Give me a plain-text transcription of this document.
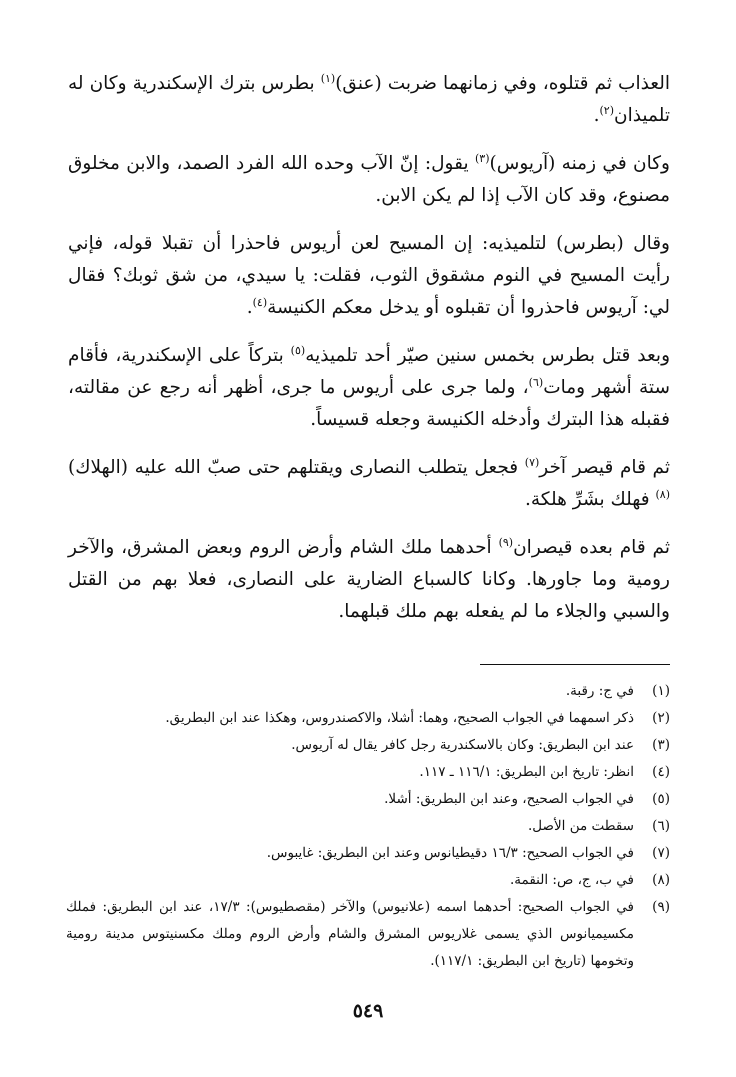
العذاب ثم قتلوه، وفي زمانهما ضربت (عنق)$^{(١)}$ بطرس بترك الإسكندرية وكان له تلميذان$^{(٢)}$.

وكان في زمنه (آريوس)$^{(٣)}$ يقول: إنّ الآب وحده الله الفرد الصمد، والابن مخلوق مصنوع، وقد كان الآب إذا لم يكن الابن.

وقال (بطرس) لتلميذيه: إن المسيح لعن أريوس فاحذرا أن تقبلا قوله، فإني رأيت المسيح في النوم مشقوق الثوب، فقلت: يا سيدي، من شق ثوبك؟ فقال لي: آريوس فاحذروا أن تقبلوه أو يدخل معكم الكنيسة$^{(٤)}$.

وبعد قتل بطرس بخمس سنين صيّر أحد تلميذيه$^{(٥)}$ بتركاً على الإسكندرية، فأقام ستة أشهر ومات$^{(٦)}$، ولما جرى على أريوس ما جرى، أظهر أنه رجع عن مقالته، فقبله هذا البترك وأدخله الكنيسة وجعله قسيساً.

ثم قام قيصر آخر$^{(٧)}$ فجعل يتطلب النصارى ويقتلهم حتى صبّ الله عليه (الهلاك)$^{(٨)}$ فهلك بشَرِّ هلكة.

ثم قام بعده قيصران$^{(٩)}$ أحدهما ملك الشام وأرض الروم وبعض المشرق، والآخر رومية وما جاورها. وكانا كالسباع الضارية على النصارى، فعلا بهم من القتل والسبي والجلاء ما لم يفعله بهم ملك قبلهما.

(١)
في ج: رقبة.
(٢)
ذكر اسمهما في الجواب الصحيح، وهما: أشلا، والاكصندروس، وهكذا عند ابن البطريق.
(٣)
عند ابن البطريق: وكان بالاسكندرية رجل كافر يقال له آريوس.
(٤)
انظر: تاريخ ابن البطريق: ١١٦/١ ـ ١١٧.
(٥)
في الجواب الصحيح، وعند ابن البطريق: أشلا.
(٦)
سقطت من الأصل.
(٧)
في الجواب الصحيح: ١٦/٣ دقيطيانوس وعند ابن البطريق: غايبوس.
(٨)
في ب، ج، ص: النقمة.
(٩)
في الجواب الصحيح: أحدهما اسمه (علانيوس) والآخر (مقصطيوس): ١٧/٣، عند ابن البطريق: فملك مكسيميانوس الذي يسمى غلاريوس المشرق والشام وأرض الروم وملك مكسنيتوس مدينة رومية وتخومها (تاريخ ابن البطريق: ١١٧/١).
٥٤٩
